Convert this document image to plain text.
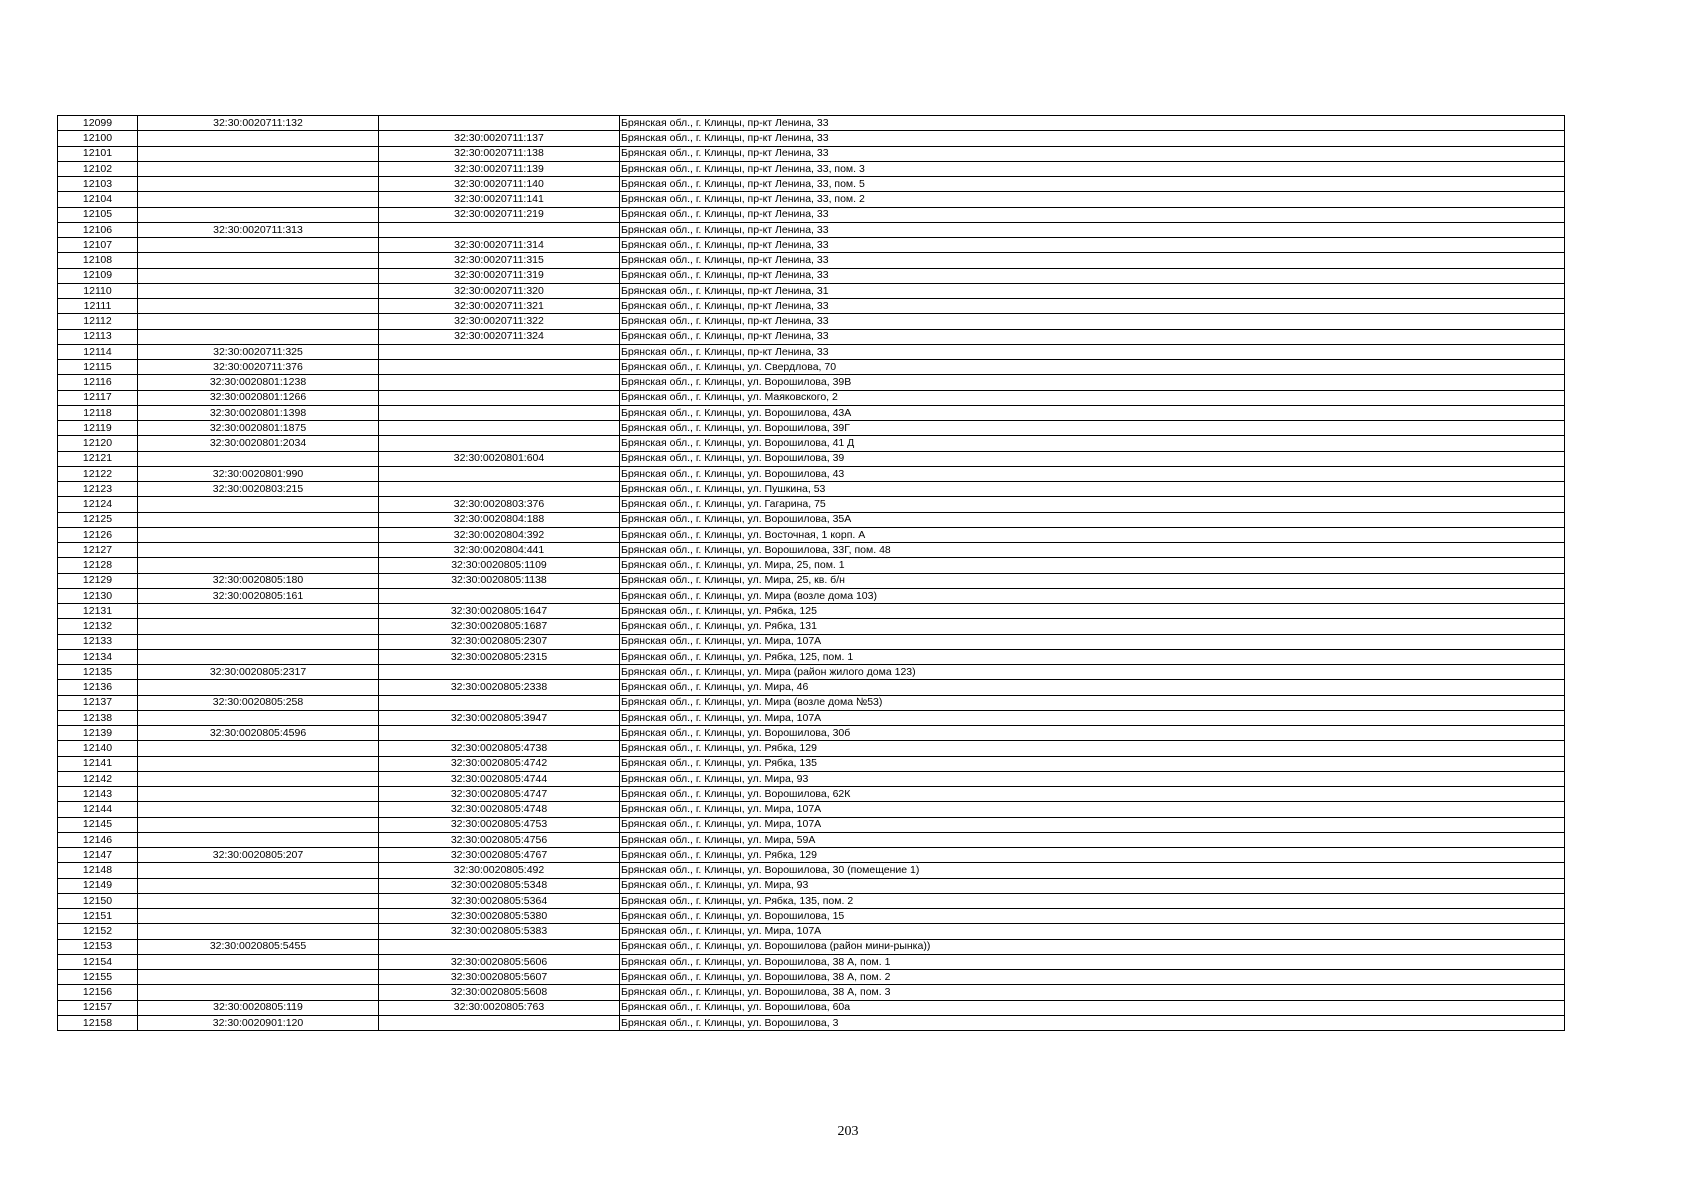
12099	32:30:0020711:132		Брянская обл., г. Клинцы, пр-кт Ленина, 33
12100		32:30:0020711:137	Брянская обл., г. Клинцы, пр-кт Ленина, 33
12101		32:30:0020711:138	Брянская обл., г. Клинцы, пр-кт Ленина, 33
12102		32:30:0020711:139	Брянская обл., г. Клинцы, пр-кт Ленина, 33, пом. 3
12103		32:30:0020711:140	Брянская обл., г. Клинцы, пр-кт Ленина, 33, пом. 5
12104		32:30:0020711:141	Брянская обл., г. Клинцы, пр-кт Ленина, 33, пом. 2
12105		32:30:0020711:219	Брянская обл., г. Клинцы, пр-кт Ленина, 33
12106	32:30:0020711:313		Брянская обл., г. Клинцы, пр-кт Ленина, 33
12107		32:30:0020711:314	Брянская обл., г. Клинцы, пр-кт Ленина, 33
12108		32:30:0020711:315	Брянская обл., г. Клинцы, пр-кт Ленина, 33
12109		32:30:0020711:319	Брянская обл., г. Клинцы, пр-кт Ленина, 33
12110		32:30:0020711:320	Брянская обл., г. Клинцы, пр-кт Ленина, 31
12111		32:30:0020711:321	Брянская обл., г. Клинцы, пр-кт Ленина, 33
12112		32:30:0020711:322	Брянская обл., г. Клинцы, пр-кт Ленина, 33
12113		32:30:0020711:324	Брянская обл., г. Клинцы, пр-кт Ленина, 33
12114	32:30:0020711:325		Брянская обл., г. Клинцы, пр-кт Ленина, 33
12115	32:30:0020711:376		Брянская обл., г. Клинцы, ул. Свердлова, 70
12116	32:30:0020801:1238		Брянская обл., г. Клинцы, ул. Ворошилова, 39В
12117	32:30:0020801:1266		Брянская обл., г. Клинцы, ул. Маяковского, 2
12118	32:30:0020801:1398		Брянская обл., г. Клинцы, ул. Ворошилова, 43А
12119	32:30:0020801:1875		Брянская обл., г. Клинцы, ул. Ворошилова, 39Г
12120	32:30:0020801:2034		Брянская обл., г. Клинцы, ул. Ворошилова, 41 Д
12121		32:30:0020801:604	Брянская обл., г. Клинцы, ул. Ворошилова, 39
12122	32:30:0020801:990		Брянская обл., г. Клинцы, ул. Ворошилова, 43
12123	32:30:0020803:215		Брянская обл., г. Клинцы, ул. Пушкина, 53
12124		32:30:0020803:376	Брянская обл., г. Клинцы, ул. Гагарина, 75
12125		32:30:0020804:188	Брянская обл., г. Клинцы, ул. Ворошилова, 35А
12126		32:30:0020804:392	Брянская обл., г. Клинцы, ул. Восточная, 1 корп. А
12127		32:30:0020804:441	Брянская обл., г. Клинцы, ул. Ворошилова, 33Г, пом. 48
12128		32:30:0020805:1109	Брянская обл., г. Клинцы, ул. Мира, 25, пом. 1
12129	32:30:0020805:180	32:30:0020805:1138	Брянская обл., г. Клинцы, ул. Мира, 25, кв. б/н
12130	32:30:0020805:161		Брянская обл., г. Клинцы, ул. Мира (возле дома 103)
12131		32:30:0020805:1647	Брянская обл., г. Клинцы, ул. Рябка, 125
12132		32:30:0020805:1687	Брянская обл., г. Клинцы, ул. Рябка, 131
12133		32:30:0020805:2307	Брянская обл., г. Клинцы, ул. Мира, 107А
12134		32:30:0020805:2315	Брянская обл., г. Клинцы, ул. Рябка, 125, пом. 1
12135	32:30:0020805:2317		Брянская обл., г. Клинцы, ул. Мира (район жилого дома 123)
12136		32:30:0020805:2338	Брянская обл., г. Клинцы, ул. Мира, 46
12137	32:30:0020805:258		Брянская обл., г. Клинцы, ул. Мира (возле дома №53)
12138		32:30:0020805:3947	Брянская обл., г. Клинцы, ул. Мира, 107А
12139	32:30:0020805:4596		Брянская обл., г. Клинцы, ул. Ворошилова, 30б
12140		32:30:0020805:4738	Брянская обл., г. Клинцы, ул. Рябка, 129
12141		32:30:0020805:4742	Брянская обл., г. Клинцы, ул. Рябка, 135
12142		32:30:0020805:4744	Брянская обл., г. Клинцы, ул. Мира, 93
12143		32:30:0020805:4747	Брянская обл., г. Клинцы, ул. Ворошилова, 62К
12144		32:30:0020805:4748	Брянская обл., г. Клинцы, ул. Мира, 107А
12145		32:30:0020805:4753	Брянская обл., г. Клинцы, ул. Мира, 107А
12146		32:30:0020805:4756	Брянская обл., г. Клинцы, ул. Мира, 59А
12147	32:30:0020805:207	32:30:0020805:4767	Брянская обл., г. Клинцы, ул. Рябка, 129
12148		32:30:0020805:492	Брянская обл., г. Клинцы, ул. Ворошилова, 30 (помещение 1)
12149		32:30:0020805:5348	Брянская обл., г. Клинцы, ул. Мира, 93
12150		32:30:0020805:5364	Брянская обл., г. Клинцы, ул. Рябка, 135, пом. 2
12151		32:30:0020805:5380	Брянская обл., г. Клинцы, ул. Ворошилова, 15
12152		32:30:0020805:5383	Брянская обл., г. Клинцы, ул. Мира, 107А
12153	32:30:0020805:5455		Брянская обл., г. Клинцы, ул. Ворошилова (район мини-рынка))
12154		32:30:0020805:5606	Брянская обл., г. Клинцы, ул. Ворошилова, 38 А, пом. 1
12155		32:30:0020805:5607	Брянская обл., г. Клинцы, ул. Ворошилова, 38 А, пом. 2
12156		32:30:0020805:5608	Брянская обл., г. Клинцы, ул. Ворошилова, 38 А, пом. 3
12157	32:30:0020805:119	32:30:0020805:763	Брянская обл., г. Клинцы, ул. Ворошилова, 60а
12158	32:30:0020901:120		Брянская обл., г. Клинцы, ул. Ворошилова, 3
203
